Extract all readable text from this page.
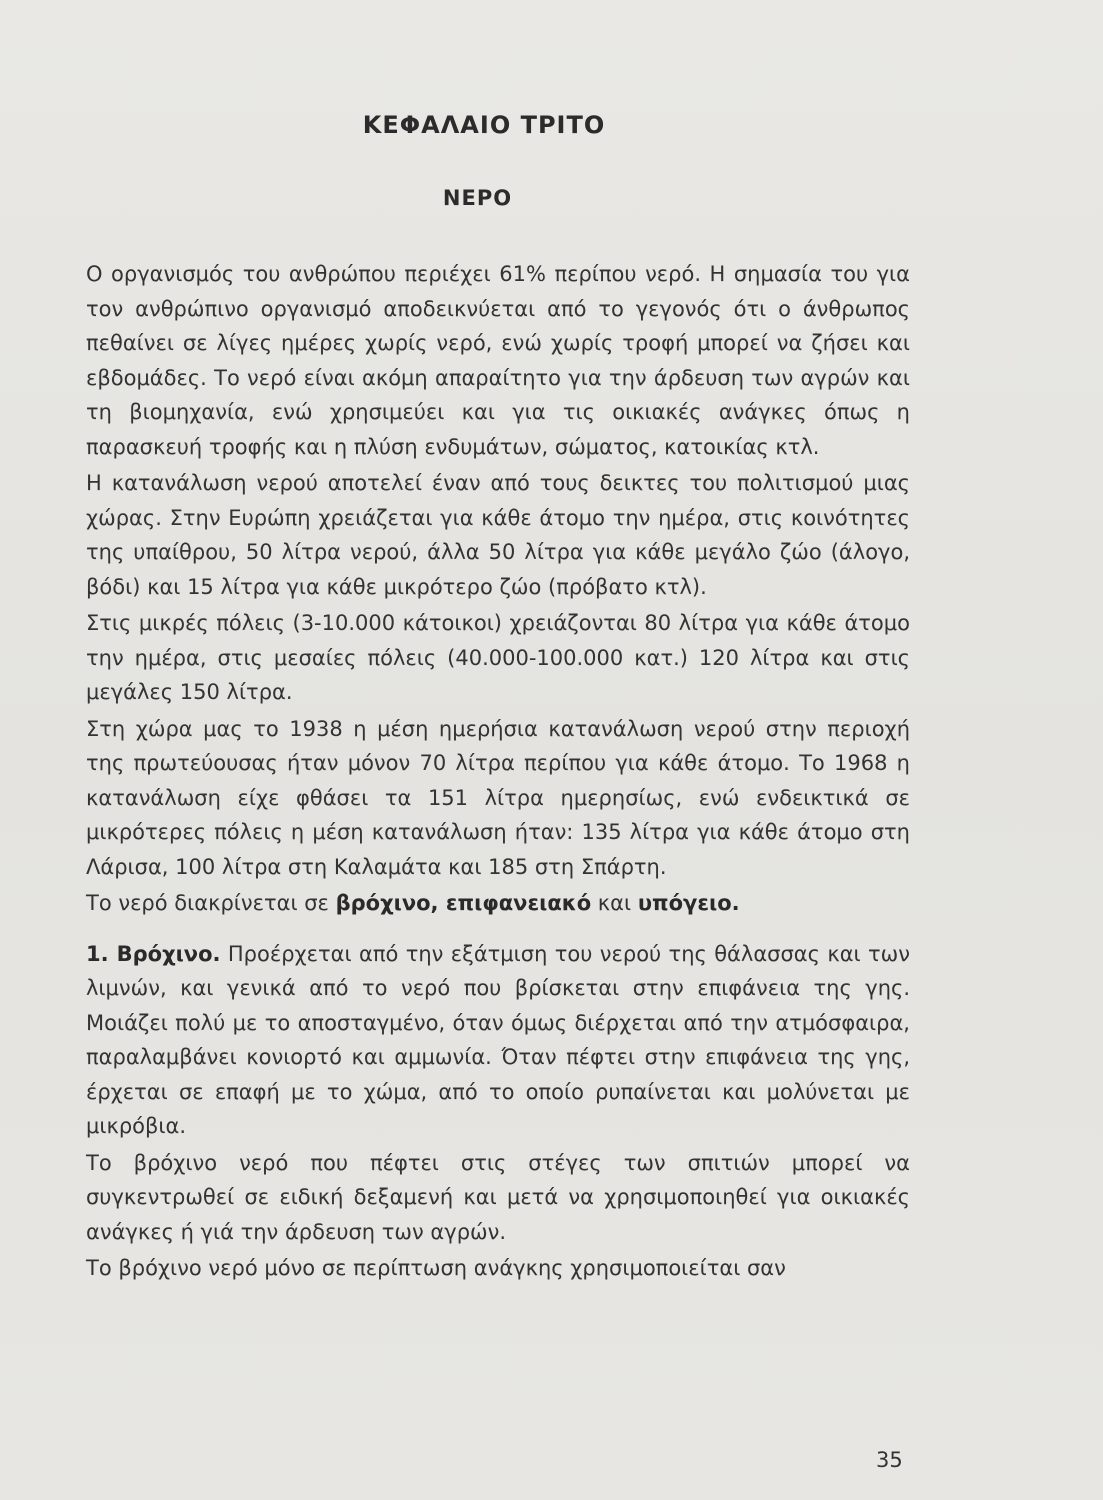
ΚΕΦΑΛΑΙΟ ΤΡΙΤΟ
ΝΕΡΟ

Ο οργανισμός του ανθρώπου περιέχει 61% περίπου νερό. Η σημασία του για τον ανθρώπινο οργανισμό αποδεικνύεται από το γεγονός ότι ο άνθρωπος πεθαίνει σε λίγες ημέρες χωρίς νερό, ενώ χωρίς τροφή μπορεί να ζήσει και εβδομάδες. Το νερό είναι ακόμη απαραίτητο για την άρδευση των αγρών και τη βιομηχανία, ενώ χρησιμεύει και για τις οικιακές ανάγκες όπως η παρασκευή τροφής και η πλύση ενδυμάτων, σώματος, κατοικίας κτλ.

Η κατανάλωση νερού αποτελεί έναν από τους δεικτες του πολιτισμού μιας χώρας. Στην Ευρώπη χρειάζεται για κάθε άτομο την ημέρα, στις κοινότητες της υπαίθρου, 50 λίτρα νερού, άλλα 50 λίτρα για κάθε μεγάλο ζώο (άλογο, βόδι) και 15 λίτρα για κάθε μικρότερο ζώο (πρόβατο κτλ).

Στις μικρές πόλεις (3-10.000 κάτοικοι) χρειάζονται 80 λίτρα για κάθε άτομο την ημέρα, στις μεσαίες πόλεις (40.000-100.000 κατ.) 120 λίτρα και στις μεγάλες 150 λίτρα.

Στη χώρα μας το 1938 η μέση ημερήσια κατανάλωση νερού στην περιοχή της πρωτεύουσας ήταν μόνον 70 λίτρα περίπου για κάθε άτομο. Το 1968 η κατανάλωση είχε φθάσει τα 151 λίτρα ημερησίως, ενώ ενδεικτικά σε μικρότερες πόλεις η μέση κατανάλωση ήταν: 135 λίτρα για κάθε άτομο στη Λάρισα, 100 λίτρα στη Καλαμάτα και 185 στη Σπάρτη.

Το νερό διακρίνεται σε βρόχινο, επιφανειακό και υπόγειο.

1. Βρόχινο. Προέρχεται από την εξάτμιση του νερού της θάλασσας και των λιμνών, και γενικά από το νερό που βρίσκεται στην επιφάνεια της γης. Μοιάζει πολύ με το αποσταγμένο, όταν όμως διέρχεται από την ατμόσφαιρα, παραλαμβάνει κονιορτό και αμμωνία. Όταν πέφτει στην επιφάνεια της γης, έρχεται σε επαφή με το χώμα, από το οποίο ρυπαίνεται και μολύνεται με μικρόβια.

Το βρόχινο νερό που πέφτει στις στέγες των σπιτιών μπορεί να συγκεντρωθεί σε ειδική δεξαμενή και μετά να χρησιμοποιηθεί για οικιακές ανάγκες ή γιά την άρδευση των αγρών.

Το βρόχινο νερό μόνο σε περίπτωση ανάγκης χρησιμοποιείται σαν

35
